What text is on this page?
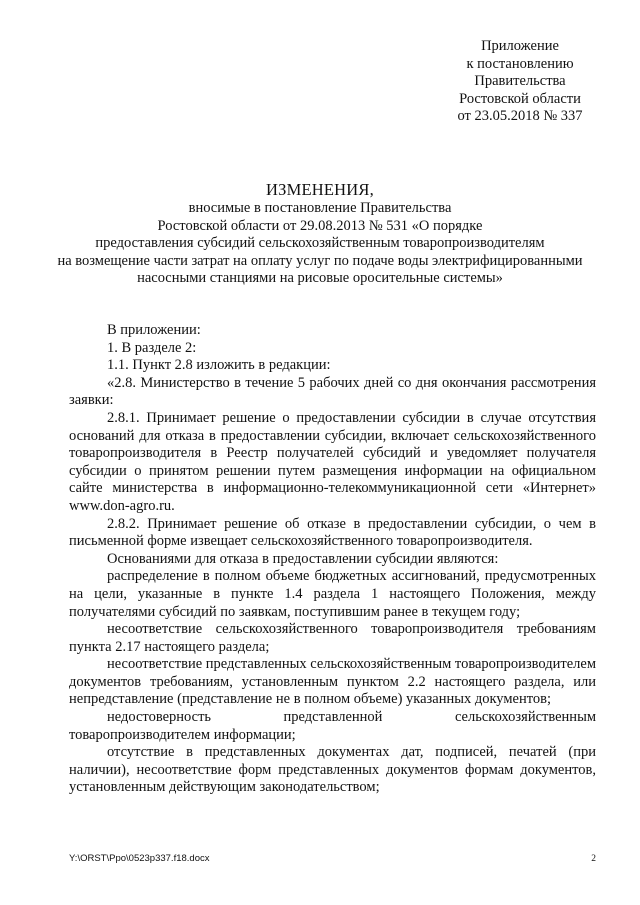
Приложение
к постановлению
Правительства
Ростовской области
от 23.05.2018 № 337
ИЗМЕНЕНИЯ,
вносимые в постановление Правительства
Ростовской области от 29.08.2013 № 531 «О порядке
предоставления субсидий сельскохозяйственным товаропроизводителям
на возмещение части затрат на оплату услуг по подаче воды электрифицированными
насосными станциями на рисовые оросительные системы»

В приложении:

1. В разделе 2:

1.1. Пункт 2.8 изложить в редакции:

«2.8. Министерство в течение 5 рабочих дней со дня окончания рассмотрения заявки:

2.8.1. Принимает решение о предоставлении субсидии в случае отсутствия оснований для отказа в предоставлении субсидии, включает сельскохозяйственного товаропроизводителя в Реестр получателей субсидий и уведомляет получателя субсидии о принятом решении путем размещения информации на официальном сайте министерства в информационно-телекоммуникационной сети «Интернет» www.don-agro.ru.

2.8.2. Принимает решение об отказе в предоставлении субсидии, о чем в письменной форме извещает сельскохозяйственного товаропроизводителя.

Основаниями для отказа в предоставлении субсидии являются:

распределение в полном объеме бюджетных ассигнований, предусмотренных на цели, указанные в пункте 1.4 раздела 1 настоящего Положения, между получателями субсидий по заявкам, поступившим ранее в текущем году;

несоответствие сельскохозяйственного товаропроизводителя требованиям пункта 2.17 настоящего раздела;

несоответствие представленных сельскохозяйственным товаропроизводителем документов требованиям, установленным пунктом 2.2 настоящего раздела, или непредставление (представление не в полном объеме) указанных документов;

недостоверность представленной сельскохозяйственным товаропроизводителем информации;

отсутствие в представленных документах дат, подписей, печатей (при наличии), несоответствие форм представленных документов формам документов, установленным действующим законодательством;

Y:\ORST\Ppo\0523p337.f18.docx	2
